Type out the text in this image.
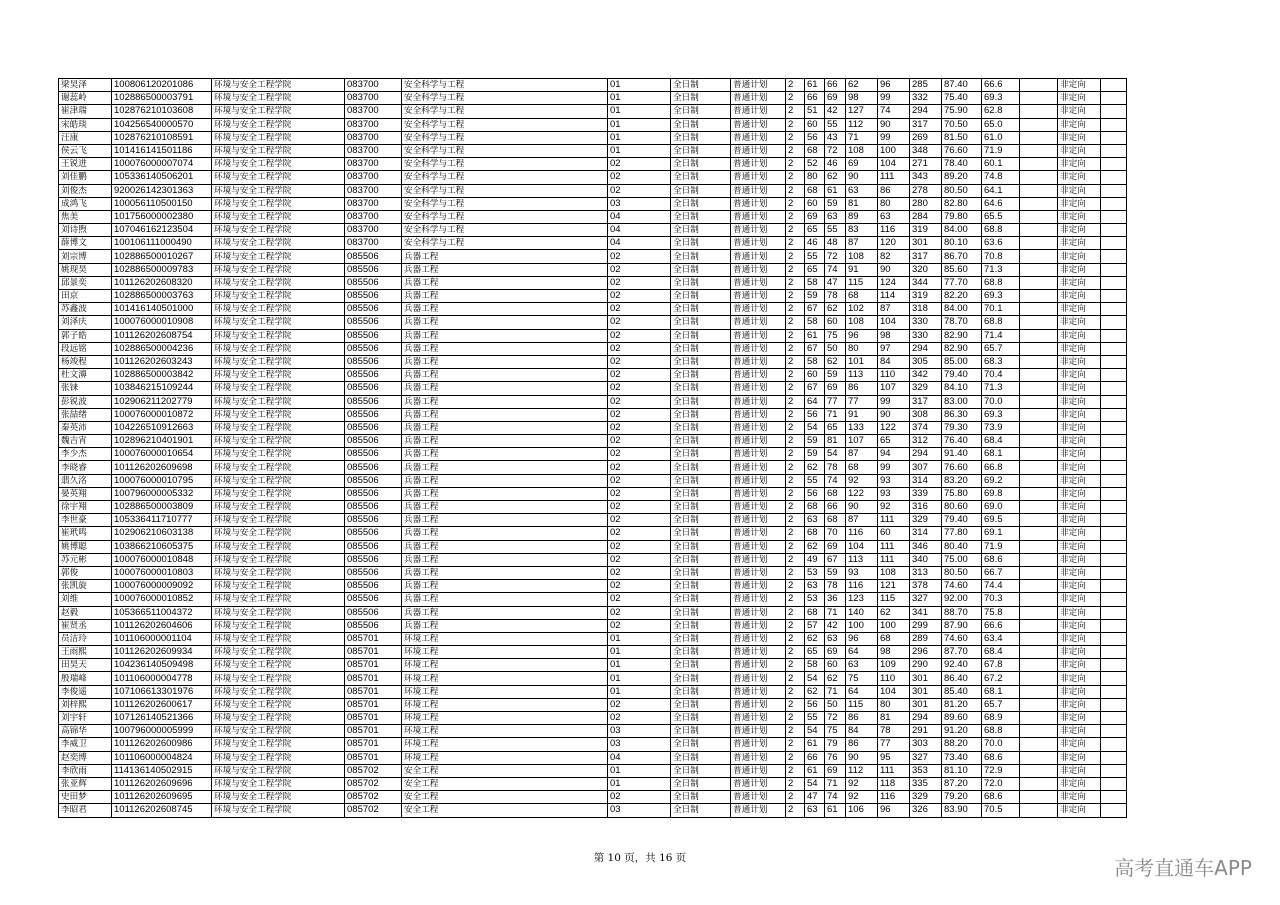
梁昊泽	100806120201086	环境与安全工程学院	083700	安全科学与工程	01	全日制	普通计划	2	61	66	62	96	285	87.40	66.6		非定向	
谢蕊岭	102886500003791	环境与安全工程学院	083700	安全科学与工程	01	全日制	普通计划	2	66	69	98	99	332	75.40	69.3		非定向	
崔津瑞	102876210103608	环境与安全工程学院	083700	安全科学与工程	01	全日制	普通计划	2	51	42	127	74	294	75.90	62.8		非定向	
宋皓琰	104256540000570	环境与安全工程学院	083700	安全科学与工程	01	全日制	普通计划	2	60	55	112	90	317	70.50	65.0		非定向	
汪康	102876210108591	环境与安全工程学院	083700	安全科学与工程	01	全日制	普通计划	2	56	43	71	99	269	81.50	61.0		非定向	
侯云飞	101416141501186	环境与安全工程学院	083700	安全科学与工程	01	全日制	普通计划	2	68	72	108	100	348	76.60	71.9		非定向	
王锐进	100076000007074	环境与安全工程学院	083700	安全科学与工程	02	全日制	普通计划	2	52	46	69	104	271	78.40	60.1		非定向	
刘佳鹏	105336140506201	环境与安全工程学院	083700	安全科学与工程	02	全日制	普通计划	2	80	62	90	111	343	89.20	74.8		非定向	
刘俊杰	920026142301363	环境与安全工程学院	083700	安全科学与工程	02	全日制	普通计划	2	68	61	63	86	278	80.50	64.1		非定向	
成鸿飞	100056110500150	环境与安全工程学院	083700	安全科学与工程	03	全日制	普通计划	2	60	59	81	80	280	82.80	64.6		非定向	
焦美	101756000002380	环境与安全工程学院	083700	安全科学与工程	04	全日制	普通计划	2	69	63	89	63	284	79.80	65.5		非定向	
刘诗煦	107046162123504	环境与安全工程学院	083700	安全科学与工程	04	全日制	普通计划	2	65	55	83	116	319	84.00	68.8		非定向	
薛博文	100106111000490	环境与安全工程学院	083700	安全科学与工程	04	全日制	普通计划	2	46	48	87	120	301	80.10	63.6		非定向	
刘宗博	102886500010267	环境与安全工程学院	085506	兵器工程	02	全日制	普通计划	2	55	72	108	82	317	86.70	70.8		非定向	
姚现昊	102886500009783	环境与安全工程学院	085506	兵器工程	02	全日制	普通计划	2	65	74	91	90	320	85.60	71.3		非定向	
邱景奕	101126202608320	环境与安全工程学院	085506	兵器工程	02	全日制	普通计划	2	58	47	115	124	344	77.70	68.8		非定向	
田京	102886500003763	环境与安全工程学院	085506	兵器工程	02	全日制	普通计划	2	59	78	68	114	319	82.20	69.3		非定向	
苏鑫波	101416140501000	环境与安全工程学院	085506	兵器工程	02	全日制	普通计划	2	67	62	102	87	318	84.00	70.1		非定向	
刘泽庆	100076000010908	环境与安全工程学院	085506	兵器工程	02	全日制	普通计划	2	58	60	108	104	330	78.70	68.8		非定向	
郭子皓	101126202608754	环境与安全工程学院	085506	兵器工程	02	全日制	普通计划	2	61	75	96	98	330	82.90	71.4		非定向	
段远铭	102886500004236	环境与安全工程学院	085506	兵器工程	02	全日制	普通计划	2	67	50	80	97	294	82.90	65.7		非定向	
杨竣程	101126202603243	环境与安全工程学院	085506	兵器工程	02	全日制	普通计划	2	58	62	101	84	305	85.00	68.3		非定向	
杜文濞	102886500003842	环境与安全工程学院	085506	兵器工程	02	全日制	普通计划	2	60	59	113	110	342	79.40	70.4		非定向	
张铼	103846215109244	环境与安全工程学院	085506	兵器工程	02	全日制	普通计划	2	67	69	86	107	329	84.10	71.3		非定向	
彭锐波	102906211202779	环境与安全工程学院	085506	兵器工程	02	全日制	普通计划	2	64	77	77	99	317	83.00	70.0		非定向	
张喆绪	100076000010872	环境与安全工程学院	085506	兵器工程	02	全日制	普通计划	2	56	71	91	90	308	86.30	69.3		非定向	
秦英沛	104226510912663	环境与安全工程学院	085506	兵器工程	02	全日制	普通计划	2	54	65	133	122	374	79.30	73.9		非定向	
魏吉宵	102896210401901	环境与安全工程学院	085506	兵器工程	02	全日制	普通计划	2	59	81	107	65	312	76.40	68.4		非定向	
李少杰	100076000010654	环境与安全工程学院	085506	兵器工程	02	全日制	普通计划	2	59	54	87	94	294	91.40	68.1		非定向	
李晓睿	101126202609698	环境与安全工程学院	085506	兵器工程	02	全日制	普通计划	2	62	78	68	99	307	76.60	66.8		非定向	
翡久洺	100076000010795	环境与安全工程学院	085506	兵器工程	02	全日制	普通计划	2	55	74	92	93	314	83.20	69.2		非定向	
晏英翔	100796000005332	环境与安全工程学院	085506	兵器工程	02	全日制	普通计划	2	56	68	122	93	339	75.80	69.8		非定向	
徐宇翔	102886500003809	环境与安全工程学院	085506	兵器工程	02	全日制	普通计划	2	68	66	90	92	316	80.60	69.0		非定向	
李世豪	105336411710777	环境与安全工程学院	085506	兵器工程	02	全日制	普通计划	2	63	68	87	111	329	79.40	69.5		非定向	
崔玳鸣	102906210603138	环境与安全工程学院	085506	兵器工程	02	全日制	普通计划	2	68	70	116	60	314	77.80	69.1		非定向	
姚博聪	103866210605375	环境与安全工程学院	085506	兵器工程	02	全日制	普通计划	2	62	69	104	111	346	80.40	71.9		非定向	
苏元彬	100076000010848	环境与安全工程学院	085506	兵器工程	02	全日制	普通计划	2	49	67	113	111	340	75.00	68.6		非定向	
郭俊	100076000010803	环境与安全工程学院	085506	兵器工程	02	全日制	普通计划	2	53	59	93	108	313	80.50	66.7		非定向	
张凯旋	100076000009092	环境与安全工程学院	085506	兵器工程	02	全日制	普通计划	2	63	78	116	121	378	74.60	74.4		非定向	
刘维	100076000010852	环境与安全工程学院	085506	兵器工程	02	全日制	普通计划	2	53	36	123	115	327	92.00	70.3		非定向	
赵毅	105366511004372	环境与安全工程学院	085506	兵器工程	02	全日制	普通计划	2	68	71	140	62	341	88.70	75.8		非定向	
崔贤丞	101126202604606	环境与安全工程学院	085506	兵器工程	02	全日制	普通计划	2	57	42	100	100	299	87.90	66.6		非定向	
员洁玲	101106000001104	环境与安全工程学院	085701	环境工程	01	全日制	普通计划	2	62	63	96	68	289	74.60	63.4		非定向	
王雨熙	101126202609934	环境与安全工程学院	085701	环境工程	01	全日制	普通计划	2	65	69	64	98	296	87.70	68.4		非定向	
田昊天	104236140509498	环境与安全工程学院	085701	环境工程	01	全日制	普通计划	2	58	60	63	109	290	92.40	67.8		非定向	
殷瑞峰	101106000004778	环境与安全工程学院	085701	环境工程	01	全日制	普通计划	2	54	62	75	110	301	86.40	67.2		非定向	
李俊遥	107106613301976	环境与安全工程学院	085701	环境工程	01	全日制	普通计划	2	62	71	64	104	301	85.40	68.1		非定向	
刘梓熙	101126202600617	环境与安全工程学院	085701	环境工程	02	全日制	普通计划	2	56	50	115	80	301	81.20	65.7		非定向	
刘宇轩	107126140521366	环境与安全工程学院	085701	环境工程	02	全日制	普通计划	2	55	72	86	81	294	89.60	68.9		非定向	
高锦华	100796000005999	环境与安全工程学院	085701	环境工程	03	全日制	普通计划	2	54	75	84	78	291	91.20	68.8		非定向	
李威卫	101126202600986	环境与安全工程学院	085701	环境工程	03	全日制	普通计划	2	61	79	86	77	303	88.20	70.0		非定向	
赵奕博	101106000004824	环境与安全工程学院	085701	环境工程	04	全日制	普通计划	2	66	76	90	95	327	73.40	68.6		非定向	
李欣雨	114136140502915	环境与安全工程学院	085702	安全工程	01	全日制	普通计划	2	61	69	112	111	353	81.10	72.9		非定向	
张亚辉	101126202609696	环境与安全工程学院	085702	安全工程	01	全日制	普通计划	2	54	71	92	118	335	87.20	72.0		非定向	
史田梦	101126202609695	环境与安全工程学院	085702	安全工程	02	全日制	普通计划	2	47	74	92	116	329	79.20	68.6		非定向	
李昭君	101126202608745	环境与安全工程学院	085702	安全工程	03	全日制	普通计划	2	63	61	106	96	326	83.90	70.5		非定向	
第 10 页，共 16 页	高考直通车APP
